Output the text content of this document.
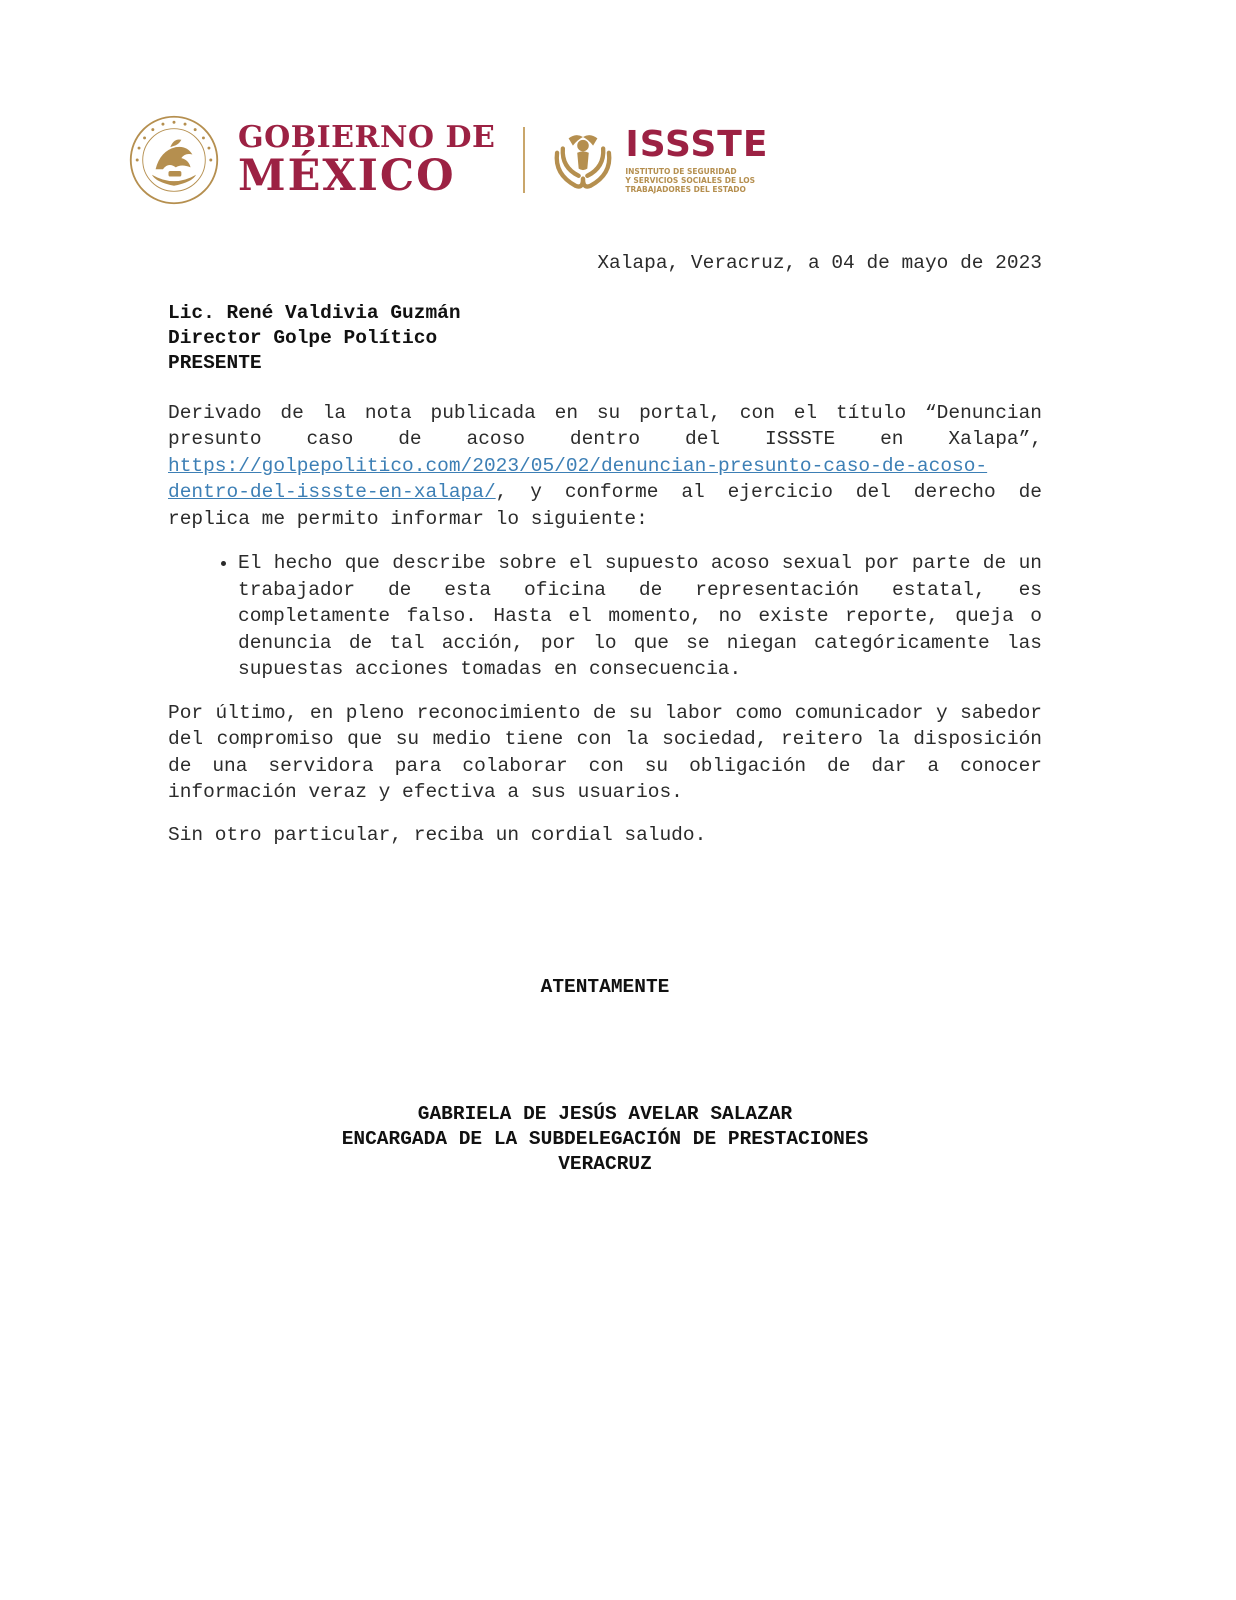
GOBIERNO DE
MÉXICO
ISSSTE
INSTITUTO DE SEGURIDAD
Y SERVICIOS SOCIALES DE LOS
TRABAJADORES DEL ESTADO

Xalapa, Veracruz, a 04 de mayo de 2023

Lic. René Valdivia Guzmán
Director Golpe Político
PRESENTE

Derivado de la nota publicada en su portal, con el título “Denuncian presunto caso de acoso dentro del ISSSTE en Xalapa”, https://golpepolitico.com/2023/05/02/denuncian-presunto-caso-de-acoso-dentro-del-issste-en-xalapa/, y conforme al ejercicio del derecho de replica me permito informar lo siguiente:

• El hecho que describe sobre el supuesto acoso sexual por parte de un trabajador de esta oficina de representación estatal, es completamente falso. Hasta el momento, no existe reporte, queja o denuncia de tal acción, por lo que se niegan categóricamente las supuestas acciones tomadas en consecuencia.

Por último, en pleno reconocimiento de su labor como comunicador y sabedor del compromiso que su medio tiene con la sociedad, reitero la disposición de una servidora para colaborar con su obligación de dar a conocer información veraz y efectiva a sus usuarios.

Sin otro particular, reciba un cordial saludo.

ATENTAMENTE
GABRIELA DE JESÚS AVELAR SALAZAR
ENCARGADA DE LA SUBDELEGACIÓN DE PRESTACIONES
VERACRUZ
